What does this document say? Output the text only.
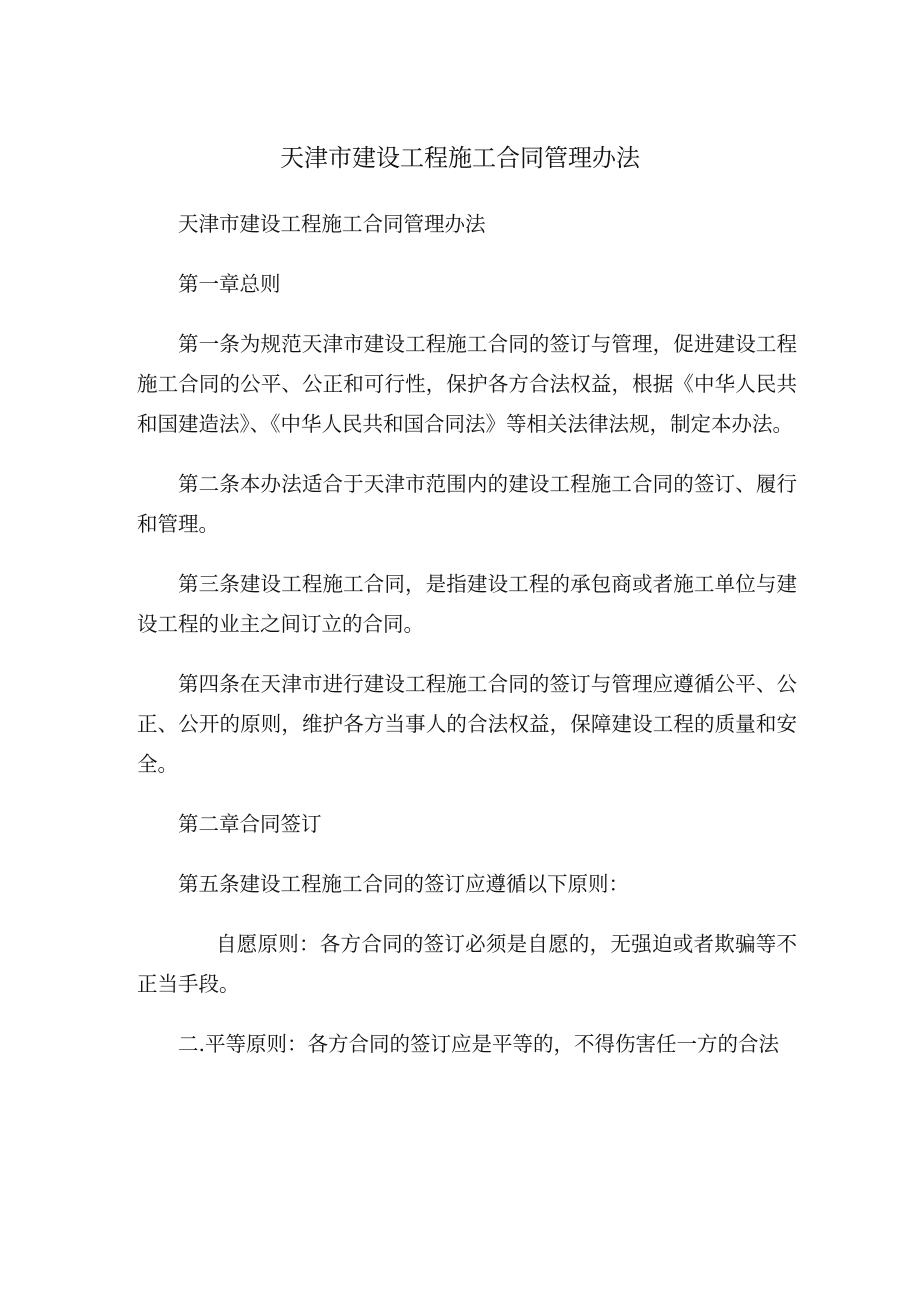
天津市建设工程施工合同管理办法

天津市建设工程施工合同管理办法

第一章总则

第一条为规范天津市建设工程施工合同的签订与管理，促进建设工程施工合同的公平、公正和可行性，保护各方合法权益，根据《中华人民共和国建造法》、《中华人民共和国合同法》等相关法律法规，制定本办法。

第二条本办法适合于天津市范围内的建设工程施工合同的签订、履行和管理。

第三条建设工程施工合同，是指建设工程的承包商或者施工单位与建设工程的业主之间订立的合同。

第四条在天津市进行建设工程施工合同的签订与管理应遵循公平、公正、公开的原则，维护各方当事人的合法权益，保障建设工程的质量和安全。

第二章合同签订

第五条建设工程施工合同的签订应遵循以下原则：

自愿原则：各方合同的签订必须是自愿的，无强迫或者欺骗等不正当手段。

二.平等原则：各方合同的签订应是平等的，不得伤害任一方的合法
